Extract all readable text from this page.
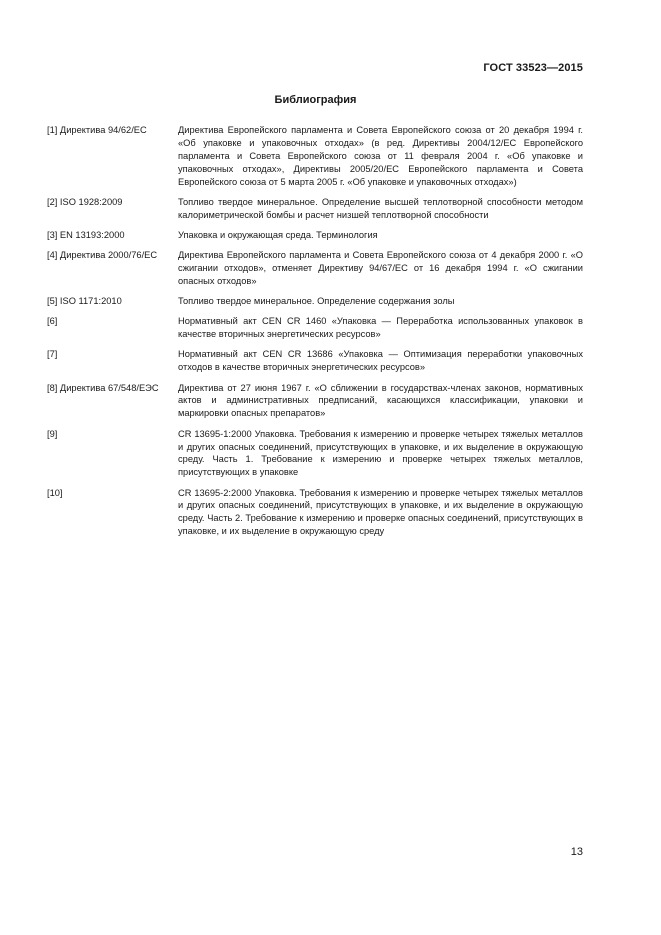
ГОСТ 33523—2015
Библиография
[1] Директива 94/62/ЕС	Директива Европейского парламента и Совета Европейского союза от 20 декабря 1994 г. «Об упаковке и упаковочных отходах» (в ред. Директивы 2004/12/ЕС Европейского парламента и Совета Европейского союза от 11 февраля 2004 г. «Об упаковке и упаковочных отходах», Директивы 2005/20/ЕС Европейского парламента и Совета Европейского союза от 5 марта 2005 г. «Об упаковке и упаковочных отходах»)
[2] ISO 1928:2009	Топливо твердое минеральное. Определение высшей теплотворной способности методом калориметрической бомбы и расчет низшей теплотворной способности
[3] EN 13193:2000	Упаковка и окружающая среда. Терминология
[4] Директива 2000/76/ЕС	Директива Европейского парламента и Совета Европейского союза от 4 декабря 2000 г. «О сжигании отходов», отменяет Директиву 94/67/ЕС от 16 декабря 1994 г. «О сжигании опасных отходов»
[5] ISO 1171:2010	Топливо твердое минеральное. Определение содержания золы
[6]	Нормативный акт CEN CR 1460 «Упаковка — Переработка использованных упаковок в качестве вторичных энергетических ресурсов»
[7]	Нормативный акт CEN CR 13686 «Упаковка — Оптимизация переработки упаковочных отходов в качестве вторичных энергетических ресурсов»
[8] Директива 67/548/ЕЭС	Директива от 27 июня 1967 г. «О сближении в государствах-членах законов, нормативных актов и административных предписаний, касающихся классификации, упаковки и маркировки опасных препаратов»
[9]	CR 13695-1:2000 Упаковка. Требования к измерению и проверке четырех тяжелых металлов и других опасных соединений, присутствующих в упаковке, и их выделение в окружающую среду. Часть 1. Требование к измерению и проверке четырех тяжелых металлов, присутствующих в упаковке
[10]	CR 13695-2:2000 Упаковка. Требования к измерению и проверке четырех тяжелых металлов и других опасных соединений, присутствующих в упаковке, и их выделение в окружающую среду. Часть 2. Требование к измерению и проверке опасных соединений, присутствующих в упаковке, и их выделение в окружающую среду
13
